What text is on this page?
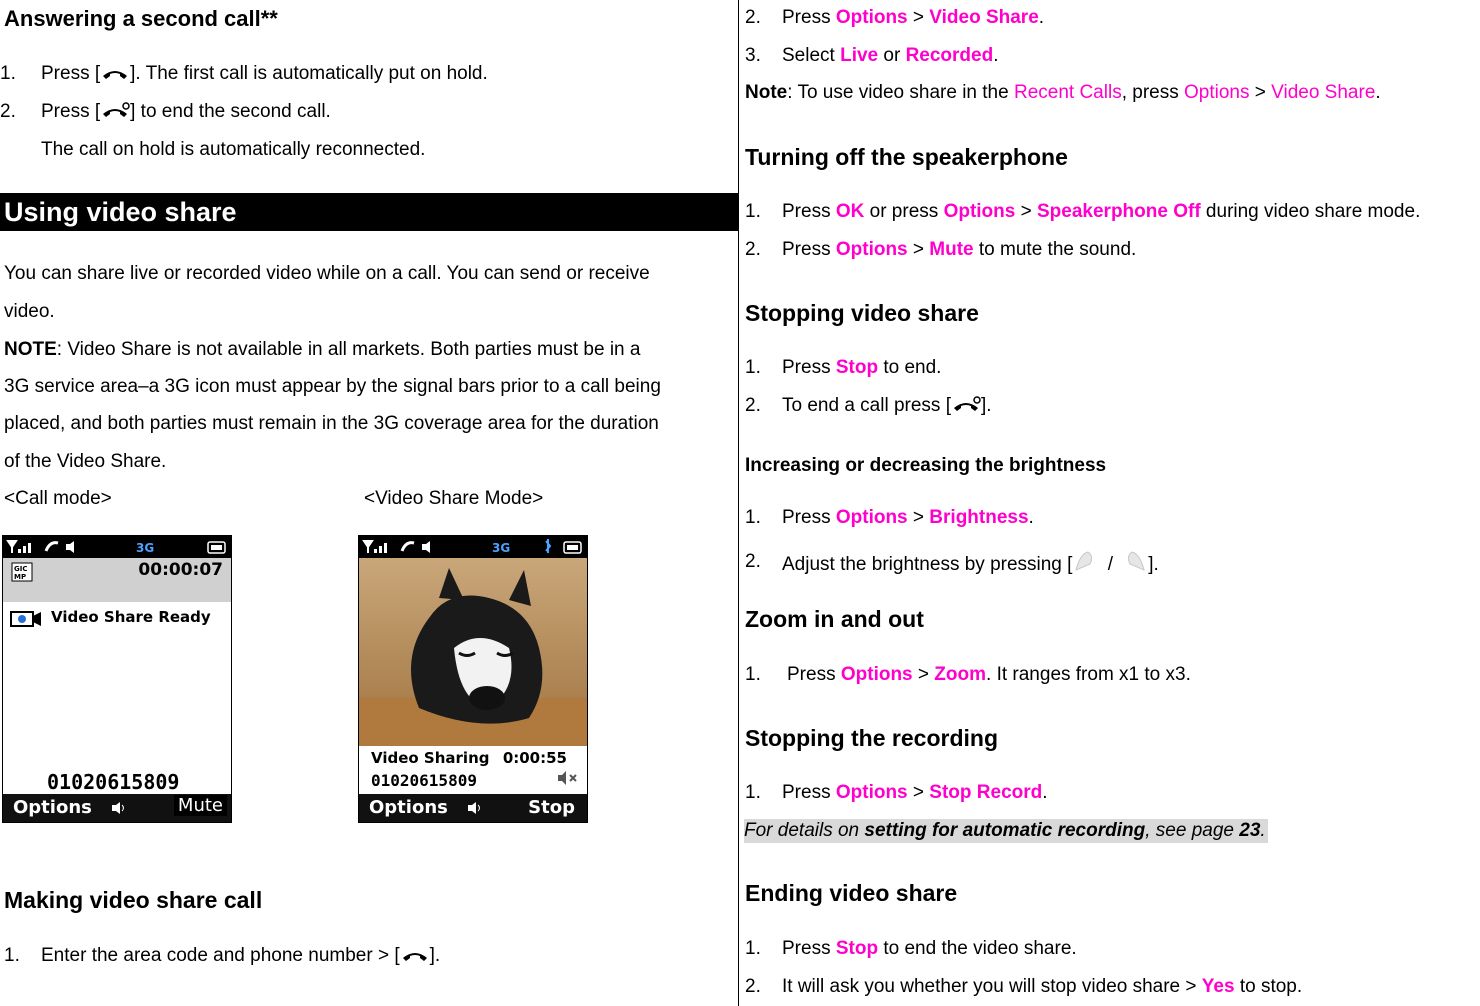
Answering a second call**
1. Press [ ]. The first call is automatically put on hold.
2. Press [ ] to end the second call.
The call on hold is automatically reconnected.
Using video share
You can share live or recorded video while on a call. You can send or receive
video.
NOTE: Video Share is not available in all markets. Both parties must be in a
3G service area–a 3G icon must appear by the signal bars prior to a call being
placed, and both parties must remain in the 3G coverage area for the duration
of the Video Share.
<Call mode>	<Video Share Mode>
3G
GIC
MP	00:00:07
Video Share Ready
01020615809
Options	Mute
3G
Video Sharing 0:00:55
01020615809
Options	Stop
Making video share call
1. Enter the area code and phone number > [ ].
2. Press Options > Video Share.
3. Select Live or Recorded.
Note: To use video share in the Recent Calls, press Options > Video Share.
Turning off the speakerphone
1. Press OK or press Options > Speakerphone Off during video share mode.
2. Press Options > Mute to mute the sound.
Stopping video share
1. Press Stop to end.
2. To end a call press [ ].
Increasing or decreasing the brightness
1. Press Options > Brightness.
2. Adjust the brightness by pressing [ / ].
Zoom in and out
1. Press Options > Zoom. It ranges from x1 to x3.
Stopping the recording
1. Press Options > Stop Record.
For details on setting for automatic recording, see page 23.
Ending video share
1. Press Stop to end the video share.
2. It will ask you whether you will stop video share > Yes to stop.
